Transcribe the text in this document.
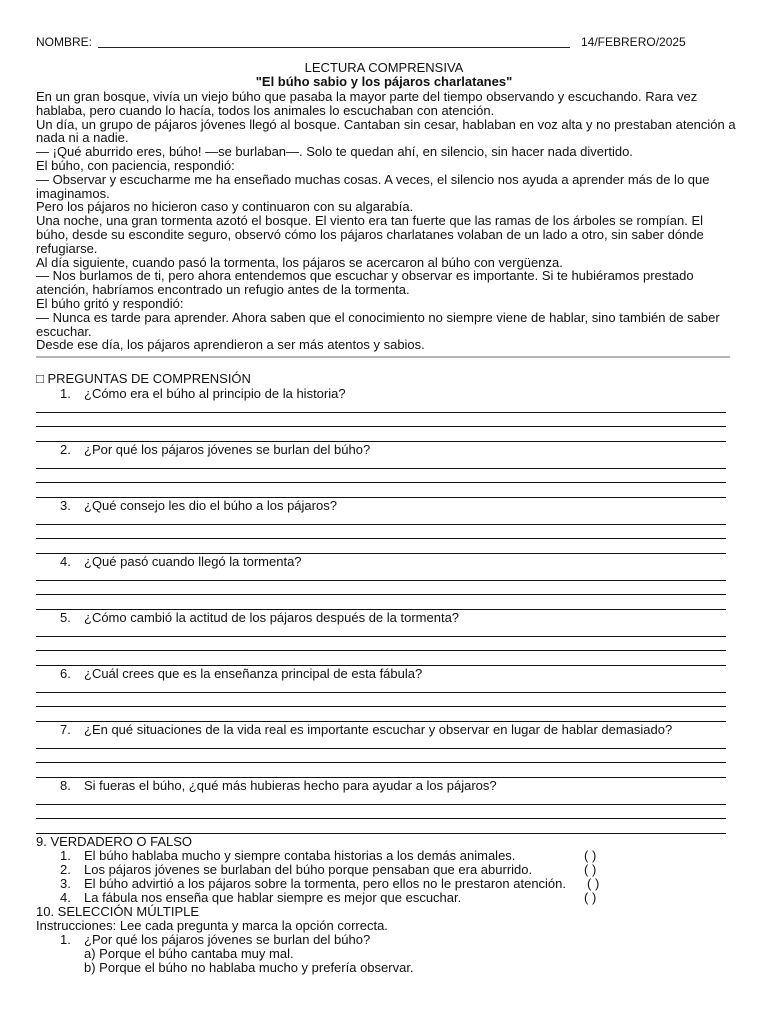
NOMBRE:	14/FEBRERO/2025
LECTURA COMPRENSIVA
"El búho sabio y los pájaros charlatanes"

En un gran bosque, vivía un viejo búho que pasaba la mayor parte del tiempo observando y escuchando. Rara vez hablaba, pero cuando lo hacía, todos los animales lo escuchaban con atención.

Un día, un grupo de pájaros jóvenes llegó al bosque. Cantaban sin cesar, hablaban en voz alta y no prestaban atención a nada ni a nadie.

— ¡Qué aburrido eres, búho! —se burlaban—. Solo te quedan ahí, en silencio, sin hacer nada divertido.

El búho, con paciencia, respondió:

— Observar y escucharme me ha enseñado muchas cosas. A veces, el silencio nos ayuda a aprender más de lo que imaginamos.

Pero los pájaros no hicieron caso y continuaron con su algarabía.

Una noche, una gran tormenta azotó el bosque. El viento era tan fuerte que las ramas de los árboles se rompían. El búho, desde su escondite seguro, observó cómo los pájaros charlatanes volaban de un lado a otro, sin saber dónde refugiarse.

Al día siguiente, cuando pasó la tormenta, los pájaros se acercaron al búho con vergüenza.

— Nos burlamos de ti, pero ahora entendemos que escuchar y observar es importante. Si te hubiéramos prestado atención, habríamos encontrado un refugio antes de la tormenta.

El búho gritó y respondió:

— Nunca es tarde para aprender. Ahora saben que el conocimiento no siempre viene de hablar, sino también de saber escuchar.

Desde ese día, los pájaros aprendieron a ser más atentos y sabios.

□ PREGUNTAS DE COMPRENSIÓN
1. ¿Cómo era el búho al principio de la historia?
2. ¿Por qué los pájaros jóvenes se burlan del búho?
3. ¿Qué consejo les dio el búho a los pájaros?
4. ¿Qué pasó cuando llegó la tormenta?
5. ¿Cómo cambió la actitud de los pájaros después de la tormenta?
6. ¿Cuál crees que es la enseñanza principal de esta fábula?
7. ¿En qué situaciones de la vida real es importante escuchar y observar en lugar de hablar demasiado?
8. Si fueras el búho, ¿qué más hubieras hecho para ayudar a los pájaros?
9. VERDADERO O FALSO
1. El búho hablaba mucho y siempre contaba historias a los demás animales.	( )
2. Los pájaros jóvenes se burlaban del búho porque pensaban que era aburrido.	( )
3. El búho advirtió a los pájaros sobre la tormenta, pero ellos no le prestaron atención. ( )
4. La fábula nos enseña que hablar siempre es mejor que escuchar.	( )
10. SELECCIÓN MÚLTIPLE
Instrucciones: Lee cada pregunta y marca la opción correcta.
1. ¿Por qué los pájaros jóvenes se burlan del búho?
a) Porque el búho cantaba muy mal.
b) Porque el búho no hablaba mucho y prefería observar.
